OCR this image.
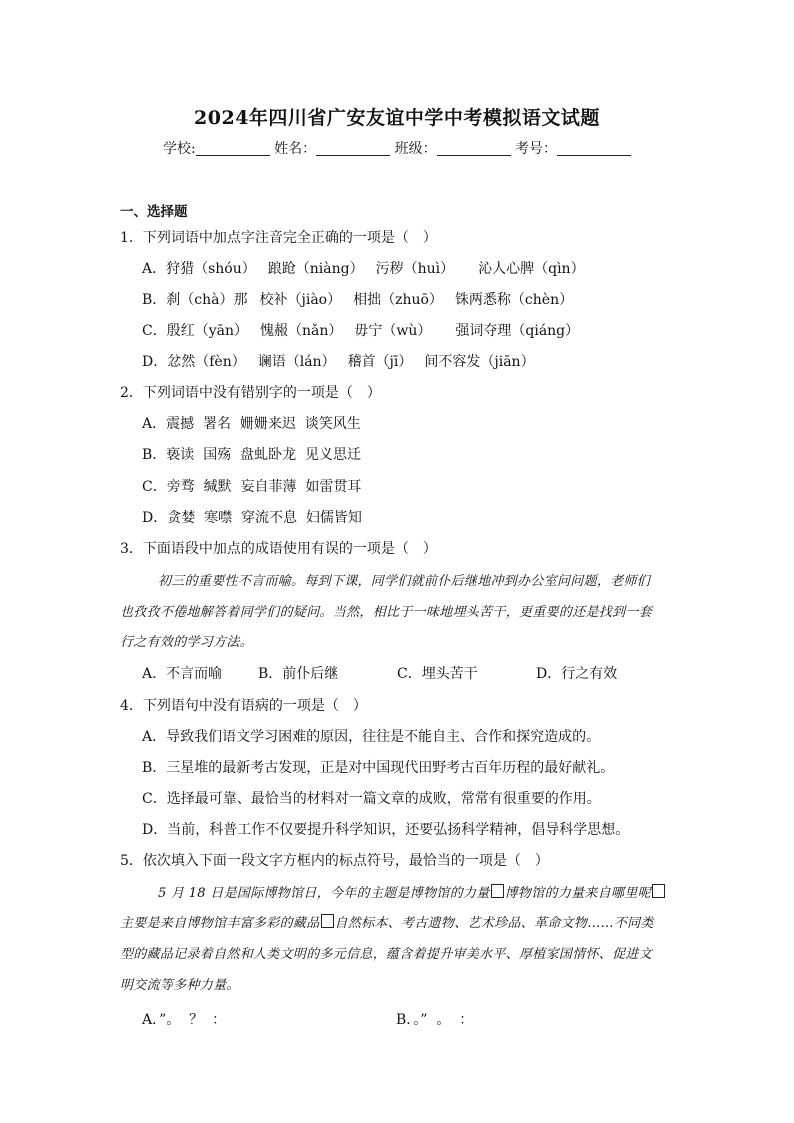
2024年四川省广安友谊中学中考模拟语文试题
学校:	姓名：	班级：	考号：
一、选择题
1．下列词语中加点字注音完全正确的一项是（　）
A．狩猎（shóu） 踉跄（niàng） 污秽（huì） 沁人心脾（qìn）
B．刹（chà）那 校补（jiào） 相拙（zhuō） 铢两悉称（chèn）
C．殷红（yān） 愧赧（nǎn） 毋宁（wù） 强词夺理（qiáng）
D．忿然（fèn） 谰语（lán） 稽首（jī） 间不容发（jiān）
2．下列词语中没有错别字的一项是（　）
A．震撼  署名  姗姗来迟  谈笑风生
B．亵读  国殇  盘虬卧龙  见义思迁
C．旁骛  缄默  妄自菲薄  如雷贯耳
D．贪婪  寒噤  穿流不息  妇儒皆知
3．下面语段中加点的成语使用有误的一项是（　）
初三的重要性不言而喻。每到下课，同学们就前仆后继地冲到办公室问问题，老师们
也孜孜不倦地解答着同学们的疑问。当然，相比于一味地埋头苦干，更重要的还是找到一套
行之有效的学习方法。
A．不言而喻	B．前仆后继	C．埋头苦干	D．行之有效
4．下列语句中没有语病的一项是（　）
A．导致我们语文学习困难的原因，往往是不能自主、合作和探究造成的。
B．三星堆的最新考古发现，正是对中国现代田野考古百年历程的最好献礼。
C．选择最可靠、最恰当的材料对一篇文章的成败，常常有很重要的作用。
D．当前，科普工作不仅要提升科学知识，还要弘扬科学精神，倡导科学思想。
5．依次填入下面一段文字方框内的标点符号，最恰当的一项是（　）
5 月 18 日是国际博物馆日，今年的主题是博物馆的力量 博物馆的力量来自哪里呢
主要是来自博物馆丰富多彩的藏品 自然标本、考古遗物、艺术珍品、革命文物……不同类
型的藏品记录着自然和人类文明的多元信息，蕴含着提升审美水平、厚植家国情怀、促进文
明交流等多种力量。
A．”。  ？  ：	B．。”  。  ：
